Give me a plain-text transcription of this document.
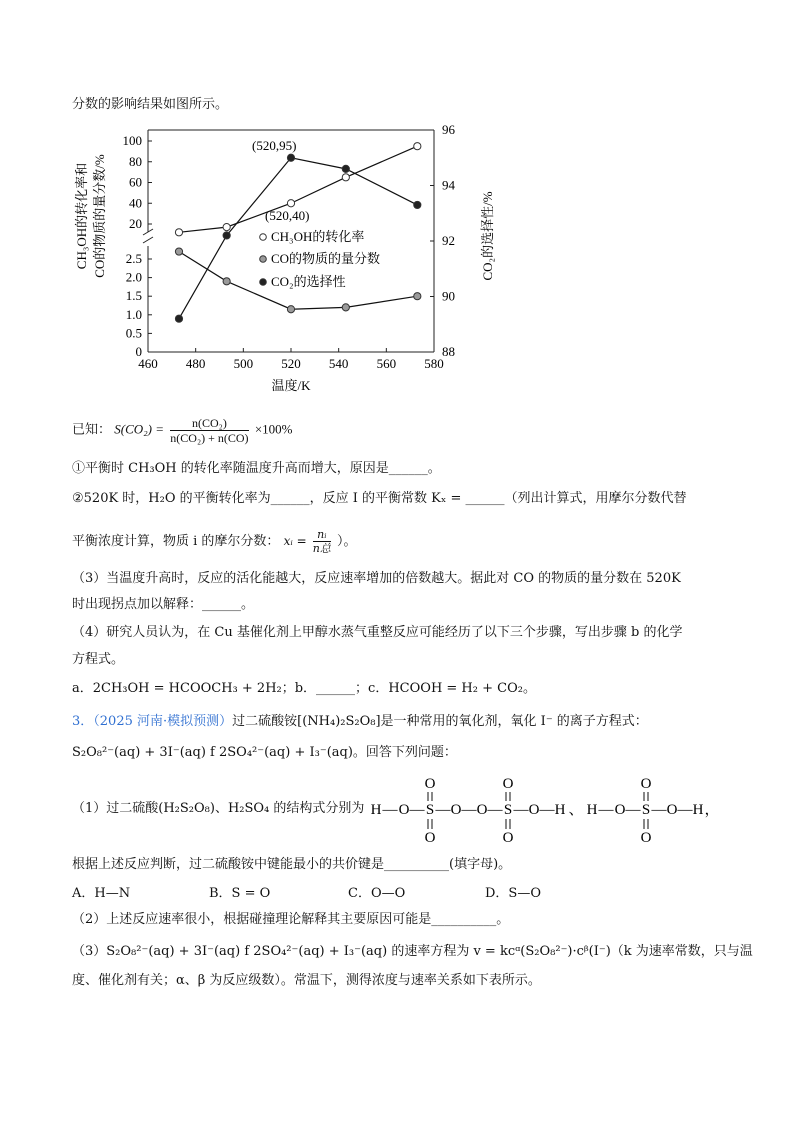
分数的影响结果如图所示。
460 480 500 520 540 560 580
温度/K
20
40
60
80
100
0
0.5
1.0
1.5
2.0
2.5
88
90
92
94
96
CH₃OH的转化率和 CO的物质的量分数/%	CO₂的选择性/%
(520,95)
(520,40)
CH₃OH的转化率
CO的物质的量分数
CO₂的选择性
已知： $S(CO_2) = \frac{\text{n(CO₂)}}{\text{n(CO₂) + n(CO)}} \times 100\%$
①平衡时 CH₃OH 的转化率随温度升高而增大，原因是______。
②520K 时，H₂O 的平衡转化率为______，反应 I 的平衡常数 Kₓ = ______（列出计算式，用摩尔分数代替
平衡浓度计算，物质 i 的摩尔分数： xᵢ = nᵢ
n总 ）。
（3）当温度升高时，反应的活化能越大，反应速率增加的倍数越大。据此对 CO 的物质的量分数在 520K
时出现拐点加以解释：______。
（4）研究人员认为，在 Cu 基催化剂上甲醇水蒸气重整反应可能经历了以下三个步骤，写出步骤 b 的化学
方程式。
a．2CH₃OH = HCOOCH₃ + 2H₂；b．______；c．HCOOH = H₂ + CO₂。
3．（2025 河南·模拟预测）过二硫酸铵[(NH₄)₂S₂O₈]是一种常用的氧化剂，氧化 I⁻ 的离子方程式：
S₂O₈²⁻(aq) + 3I⁻(aq) f 2SO₄²⁻(aq) + I₃⁻(aq)。回答下列问题：
（1）过二硫酸(H₂S₂O₈)、H₂SO₄ 的结构式分别为 H — O — S — O — O — S — O — H
O
O
O
O
、 H — O — S — O — H
O
O
，
根据上述反应判断，过二硫酸铵中键能最小的共价键是__________(填字母)。
A．H—N	B．S = O	C．O—O	D．S—O
（2）上述反应速率很小，根据碰撞理论解释其主要原因可能是__________。
（3）S₂O₈²⁻(aq) + 3I⁻(aq) f 2SO₄²⁻(aq) + I₃⁻(aq) 的速率方程为 v = kcᵅ(S₂O₈²⁻)·cᵝ(I⁻)（k 为速率常数，只与温
度、催化剂有关；α、β 为反应级数）。常温下，测得浓度与速率关系如下表所示。
